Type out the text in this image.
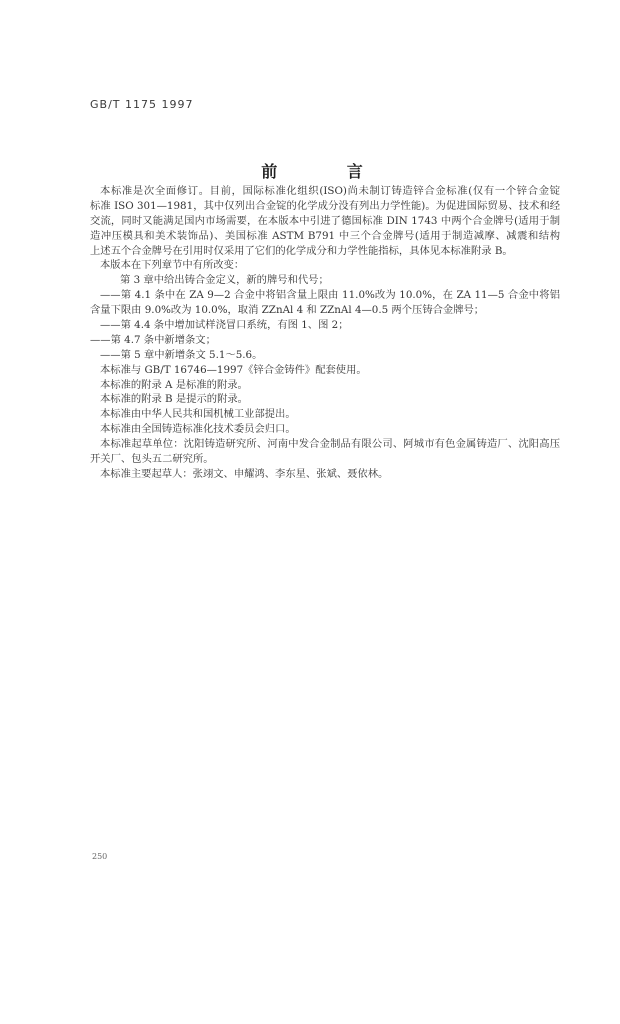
GB/T 1175 1997
前 言
本标准是次全面修订。目前，国际标准化组织(ISO)尚未制订铸造锌合金标准(仅有一个锌合金锭
标准 ISO 301—1981，其中仅列出合金锭的化学成分没有列出力学性能)。为促进国际贸易、技术和经
交流，同时又能满足国内市场需要，在本版本中引进了德国标准 DIN 1743 中两个合金牌号(适用于制
造冲压模具和美术装饰品)、美国标准 ASTM B791 中三个合金牌号(适用于制造减摩、减震和结构
上述五个合金牌号在引用时仅采用了它们的化学成分和力学性能指标，具体见本标准附录 B。
本版本在下列章节中有所改变：
第 3 章中给出铸合金定义，新的牌号和代号；
——第 4.1 条中在 ZA 9—2 合金中将铝含量上限由 11.0%改为 10.0%，在 ZA 11—5 合金中将铝
含量下限由 9.0%改为 10.0%，取消 ZZnAl 4 和 ZZnAl 4—0.5 两个压铸合金牌号；
——第 4.4 条中增加试样浇冒口系统，有图 1、图 2；
——第 4.7 条中新增条文；
——第 5 章中新增条文 5.1～5.6。
本标准与 GB/T 16746—1997《锌合金铸件》配套使用。
本标准的附录 A 是标准的附录。
本标准的附录 B 是提示的附录。
本标准由中华人民共和国机械工业部提出。
本标准由全国铸造标准化技术委员会归口。
本标准起草单位：沈阳铸造研究所、河南中发合金制品有限公司、阿城市有色金属铸造厂、沈阳高压
开关厂、包头五二研究所。
本标准主要起草人：张翊文、申耀鸿、李东星、张斌、聂依林。
250
